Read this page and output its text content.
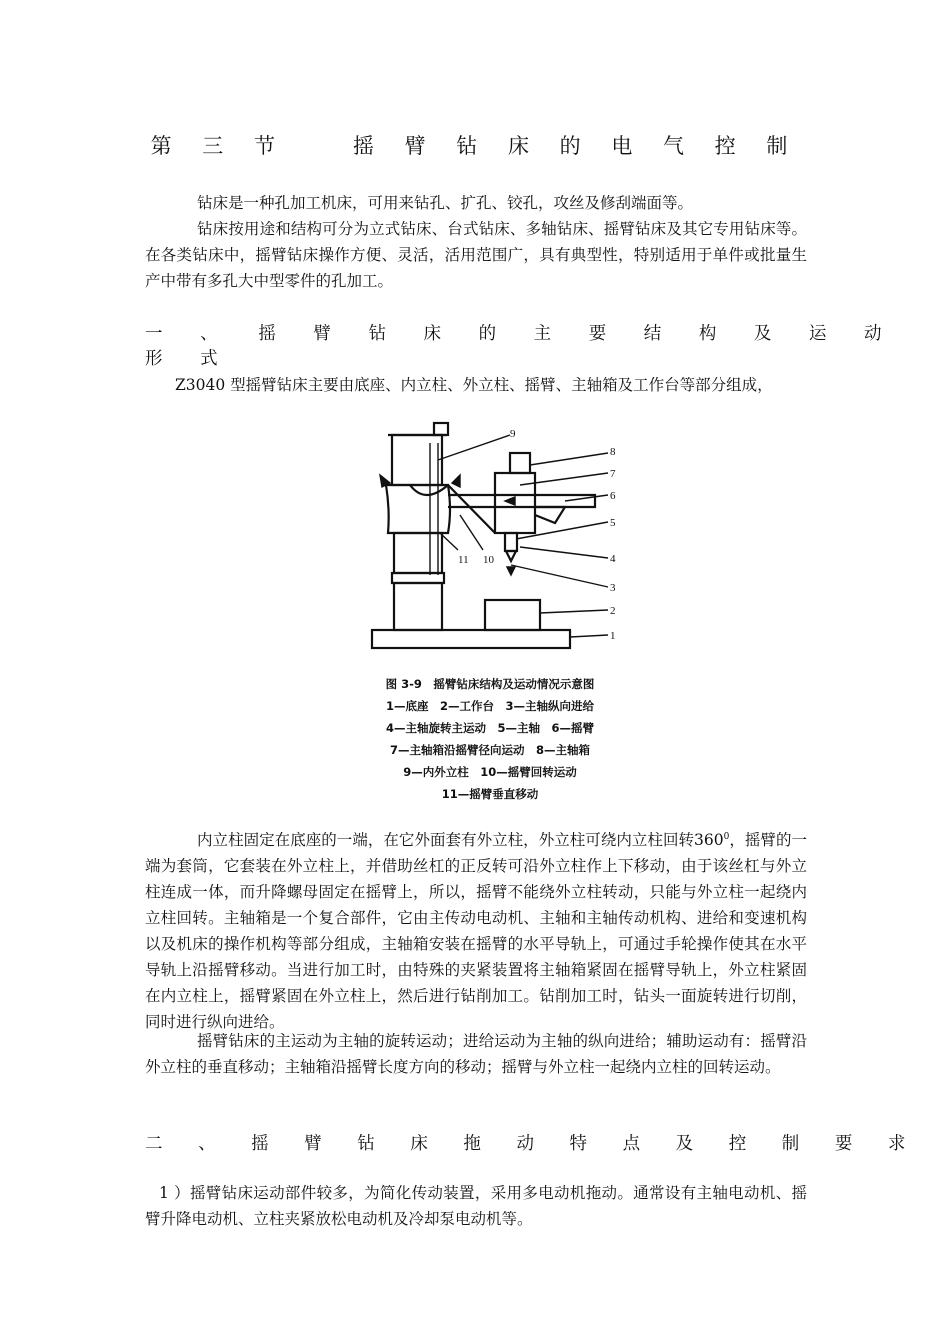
第 三 节　　摇 臂 钻 床 的 电 气 控 制

钻床是一种孔加工机床，可用来钻孔、扩孔、铰孔，攻丝及修刮端面等。

钻床按用途和结构可分为立式钻床、台式钻床、多轴钻床、摇臂钻床及其它专用钻床等。在各类钻床中，摇臂钻床操作方便、灵活，活用范围广，具有典型性，特别适用于单件或批量生产中带有多孔大中型零件的孔加工。

一 、　摇 臂 钻 床 的 主 要 结 构 及 运 动 形 式

Z3040 型摇臂钻床主要由底座、内立柱、外立柱、摇臂、主轴箱及工作台等部分组成，

9
8
7
6
5
4
3
2
1
11 10
图 3-9　摇臂钻床结构及运动情况示意图
1—底座　2—工作台　3—主轴纵向进给
4—主轴旋转主运动　5—主轴　6—摇臂
7—主轴箱沿摇臂径向运动　8—主轴箱
9—内外立柱　10—摇臂回转运动
11—摇臂垂直移动

内立柱固定在底座的一端，在它外面套有外立柱，外立柱可绕内立柱回转$360^0$，摇臂的一端为套筒，它套装在外立柱上，并借助丝杠的正反转可沿外立柱作上下移动，由于该丝杠与外立柱连成一体，而升降螺母固定在摇臂上，所以，摇臂不能绕外立柱转动，只能与外立柱一起绕内立柱回转。主轴箱是一个复合部件，它由主传动电动机、主轴和主轴传动机构、进给和变速机构以及机床的操作机构等部分组成，主轴箱安装在摇臂的水平导轨上，可通过手轮操作使其在水平导轨上沿摇臂移动。当进行加工时，由特殊的夹紧装置将主轴箱紧固在摇臂导轨上，外立柱紧固在内立柱上，摇臂紧固在外立柱上，然后进行钻削加工。钻削加工时，钻头一面旋转进行切削，同时进行纵向进给。

摇臂钻床的主运动为主轴的旋转运动；进给运动为主轴的纵向进给；辅助运动有：摇臂沿外立柱的垂直移动；主轴箱沿摇臂长度方向的移动；摇臂与外立柱一起绕内立柱的回转运动。

二 、 摇 臂 钻 床 拖 动 特 点 及 控 制 要 求

1 ）摇臂钻床运动部件较多，为简化传动装置，采用多电动机拖动。通常设有主轴电动机、摇臂升降电动机、立柱夹紧放松电动机及冷却泵电动机等。
